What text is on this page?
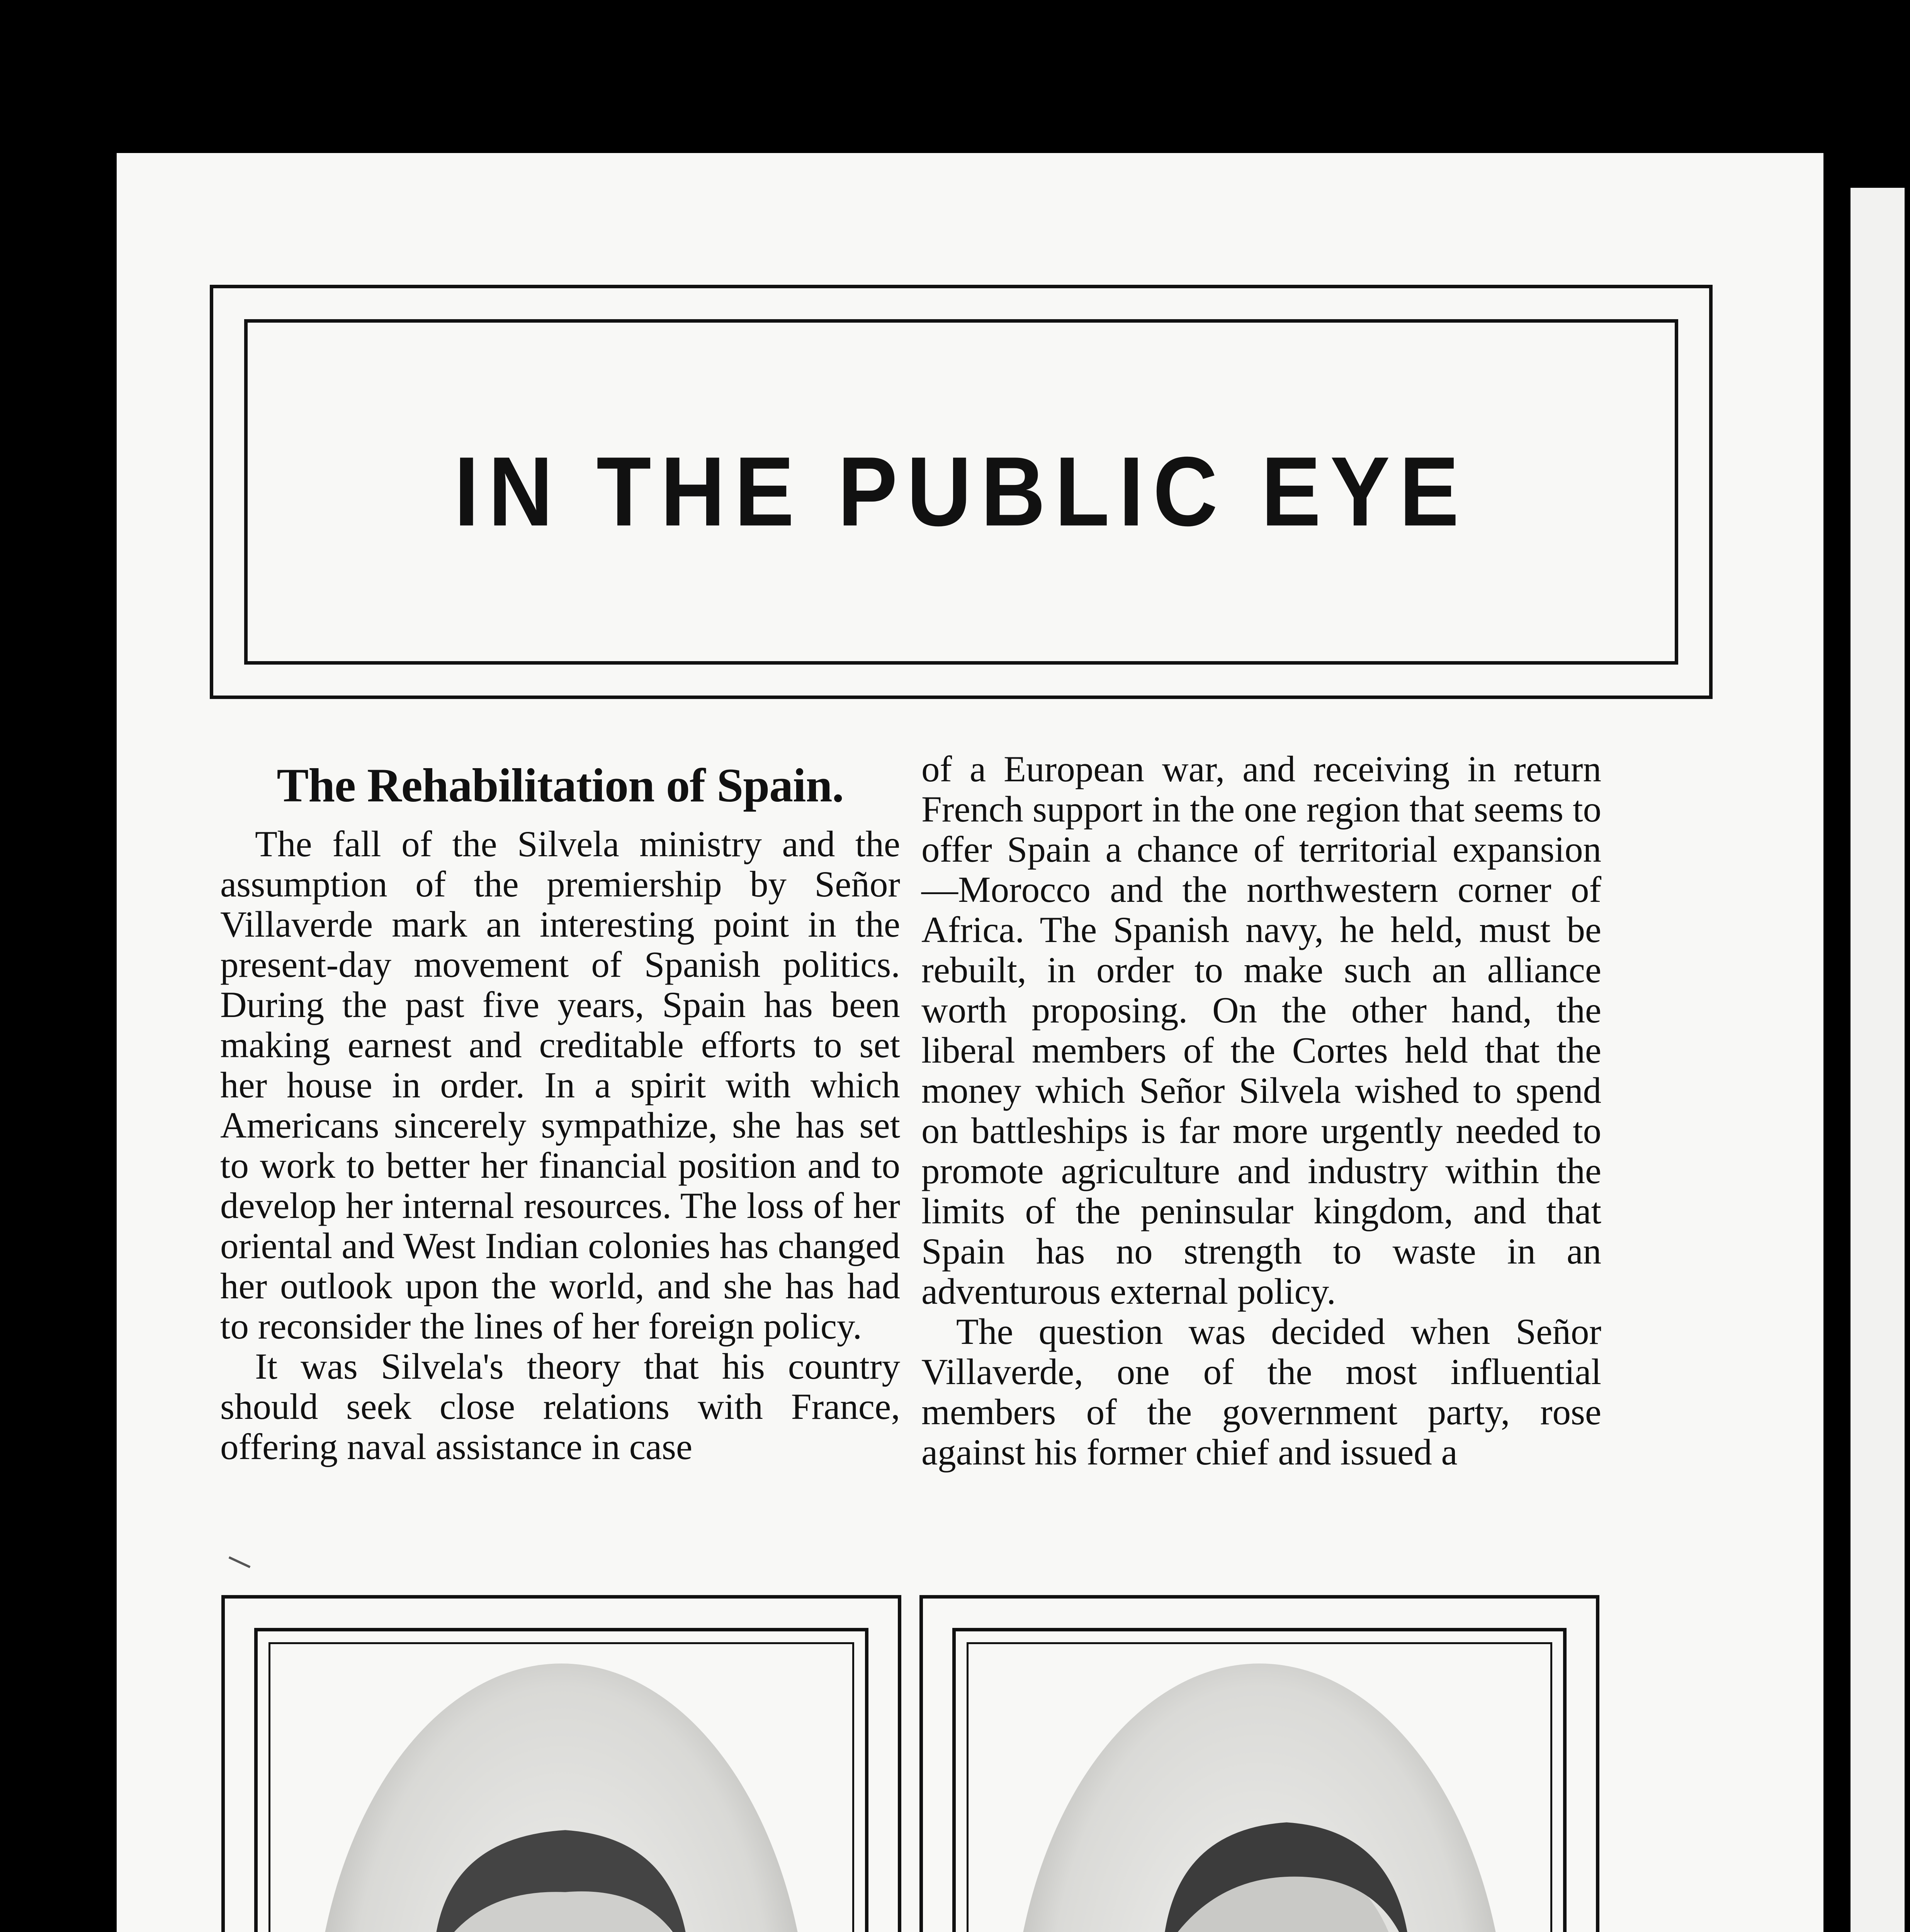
IN THE PUBLIC EYE
The Rehabilitation of Spain.

The fall of the Silvela ministry and the assumption of the premiership by Señor Villaverde mark an interesting point in the present-day movement of Spanish politics. During the past five years, Spain has been making earnest and creditable efforts to set her house in order. In a spirit with which Americans sincerely sympathize, she has set to work to better her financial position and to develop her internal resources. The loss of her oriental and West Indian colonies has changed her outlook upon the world, and she has had to reconsider the lines of her foreign policy.

It was Silvela's theory that his country should seek close relations with France, offering naval assistance in case

of a European war, and receiving in return French support in the one region that seems to offer Spain a chance of territorial expansion—Morocco and the northwestern corner of Africa. The Spanish navy, he held, must be rebuilt, in order to make such an alliance worth proposing. On the other hand, the liberal members of the Cortes held that the money which Señor Silvela wished to spend on battleships is far more urgently needed to promote agriculture and industry within the limits of the peninsular kingdom, and that Spain has no strength to waste in an adventurous external policy.

The question was decided when Señor Villaverde, one of the most influential members of the government party, rose against his former chief and issued a
